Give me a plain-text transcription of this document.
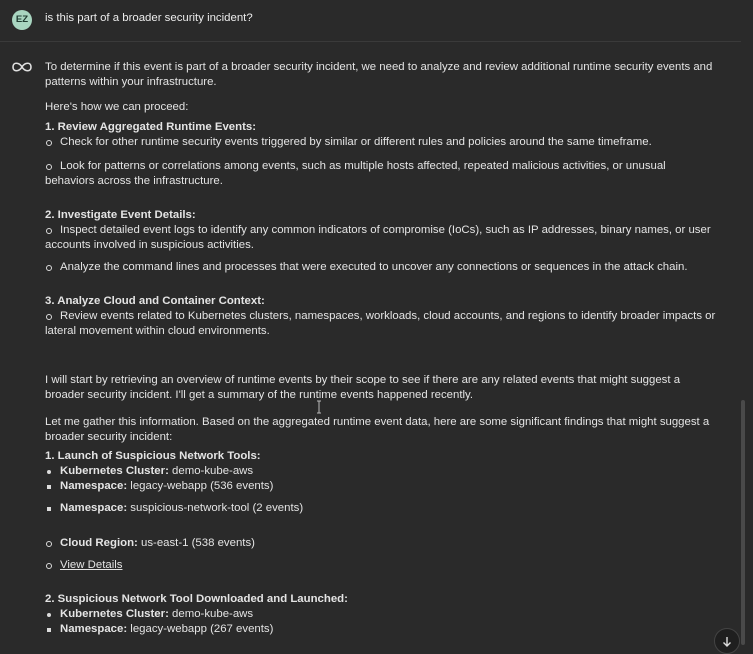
EZ	is this part of a broader security incident?

To determine if this event is part of a broader security incident, we need to analyze and review additional runtime security events and patterns within your infrastructure.

Here's how we can proceed:

1. Review Aggregated Runtime Events:

Check for other runtime security events triggered by similar or different rules and policies around the same timeframe.
Look for patterns or correlations among events, such as multiple hosts affected, repeated malicious activities, or unusual behaviors across the infrastructure.

2. Investigate Event Details:

Inspect detailed event logs to identify any common indicators of compromise (IoCs), such as IP addresses, binary names, or user accounts involved in suspicious activities.
Analyze the command lines and processes that were executed to uncover any connections or sequences in the attack chain.

3. Analyze Cloud and Container Context:

Review events related to Kubernetes clusters, namespaces, workloads, cloud accounts, and regions to identify broader impacts or lateral movement within cloud environments.

I will start by retrieving an overview of runtime events by their scope to see if there are any related events that might suggest a broader security incident. I'll get a summary of the runtime events happened recently.

Let me gather this information. Based on the aggregated runtime event data, here are some significant findings that might suggest a broader security incident:

1. Launch of Suspicious Network Tools:

Kubernetes Cluster: demo-kube-aws
Namespace: legacy-webapp (536 events)
Namespace: suspicious-network-tool (2 events)
Cloud Region: us-east-1 (538 events)
View Details

2. Suspicious Network Tool Downloaded and Launched:

Kubernetes Cluster: demo-kube-aws
Namespace: legacy-webapp (267 events)
